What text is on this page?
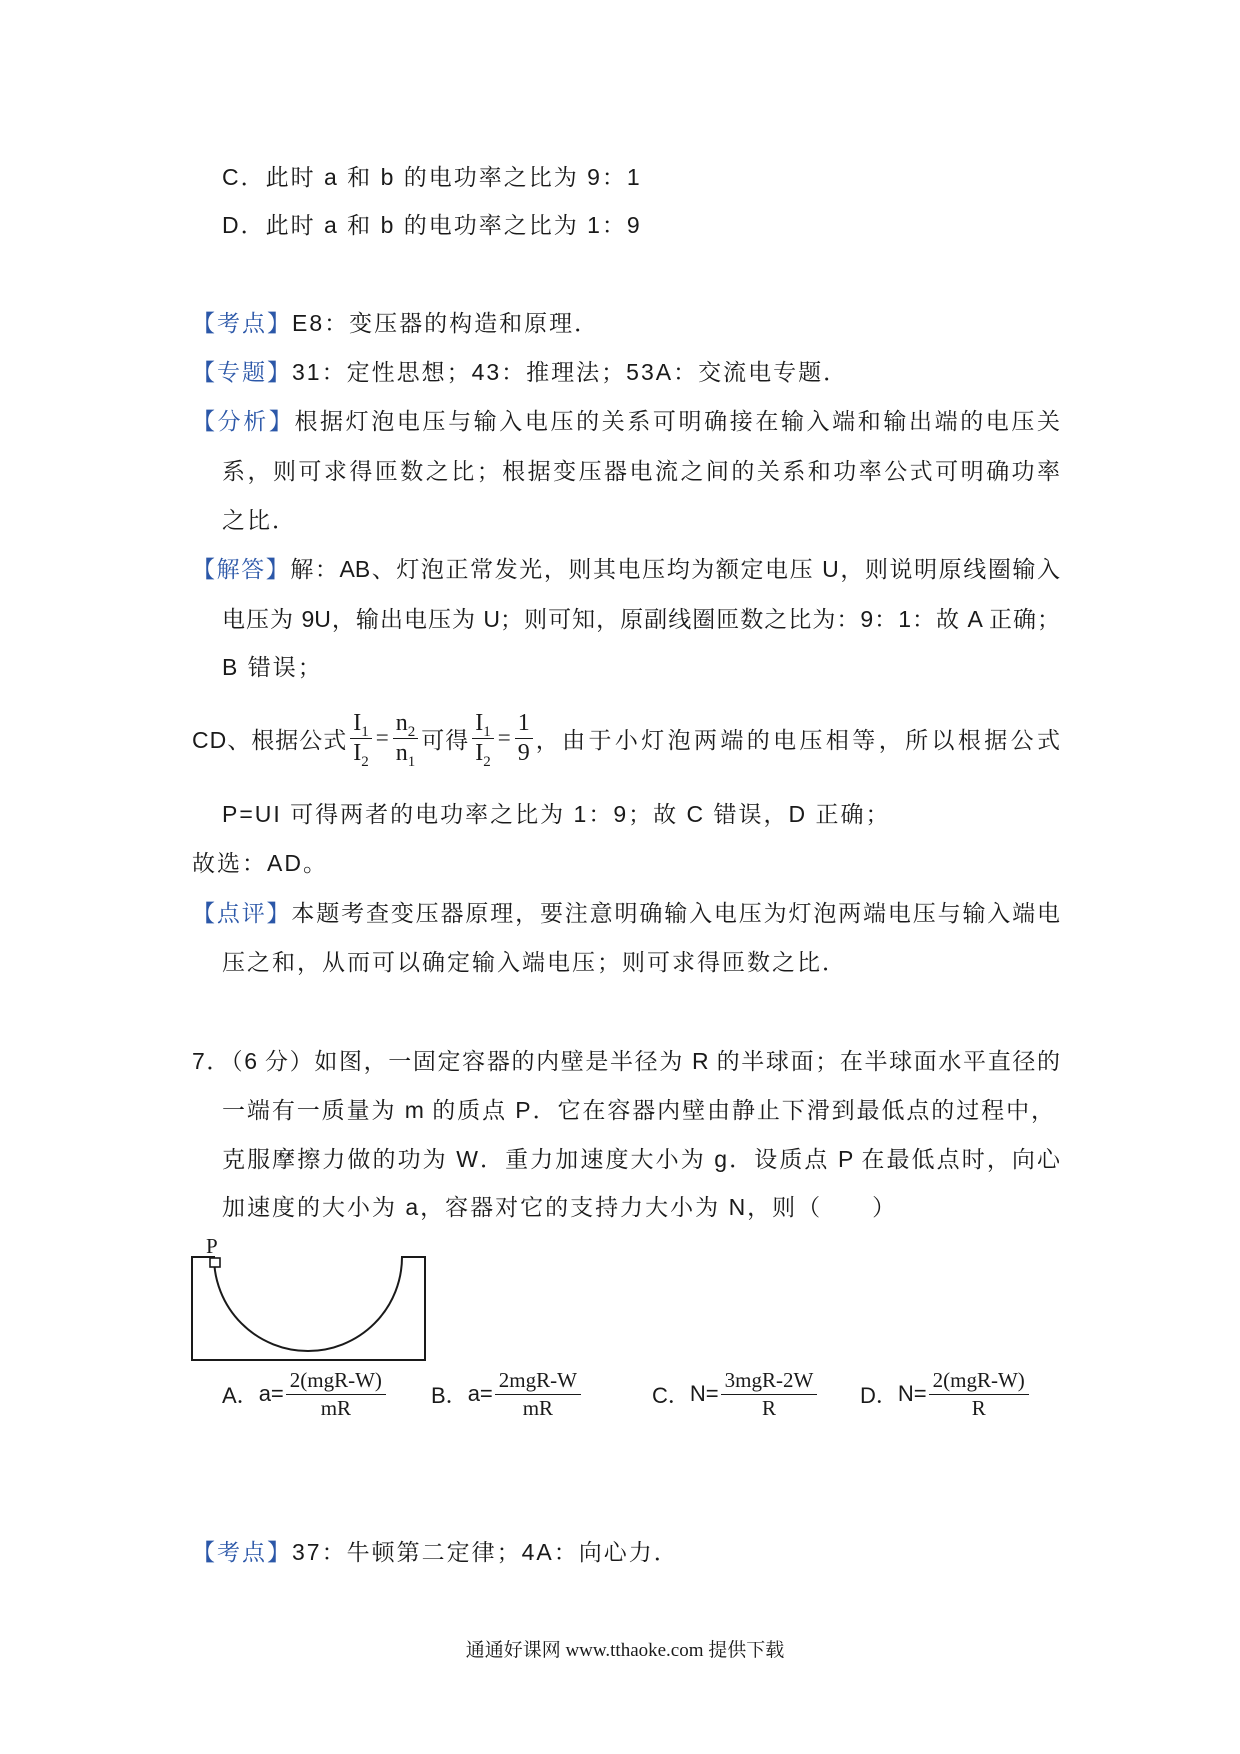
C．此时 a 和 b 的电功率之比为 9：1
D．此时 a 和 b 的电功率之比为 1：9
【考点】E8：变压器的构造和原理．
【专题】31：定性思想；43：推理法；53A：交流电专题．
【分析】根据灯泡电压与输入电压的关系可明确接在输入端和输出端的电压关
系，则可求得匝数之比；根据变压器电流之间的关系和功率公式可明确功率
之比．
【解答】解：AB、灯泡正常发光，则其电压均为额定电压 U，则说明原线圈输入
电压为 9U，输出电压为 U；则可知，原副线圈匝数之比为：9：1：故 A 正确；
B 错误；
CD、根据公式 $\frac{I_1}{I_2} = \frac{n_2}{n_1}$ 可得 $\frac{I_1}{I_2} = \frac{1}{9}$ ，由于小灯泡两端的电压相等，所以根据公式
P=UI 可得两者的电功率之比为 1：9；故 C 错误，D 正确；
故选：AD。
【点评】本题考查变压器原理，要注意明确输入电压为灯泡两端电压与输入端电
压之和，从而可以确定输入端电压；则可求得匝数之比．
7．（6 分）如图，一固定容器的内壁是半径为 R 的半球面；在半球面水平直径的
一端有一质量为 m 的质点 P．它在容器内壁由静止下滑到最低点的过程中，
克服摩擦力做的功为 W．重力加速度大小为 g．设质点 P 在最低点时，向心
加速度的大小为 a，容器对它的支持力大小为 N，则（　　）
P
A． $a= \frac{\text{2(mgR-W)}}{mR}$ B． $a= \frac{\text{2mgR-W}}{mR}$	C． $N= \frac{\text{3mgR-2W}}{R}$ D． $N= \frac{\text{2(mgR-W)}}{R}$
【考点】37：牛顿第二定律；4A：向心力．
通通好课网 www.tthaoke.com 提供下载
